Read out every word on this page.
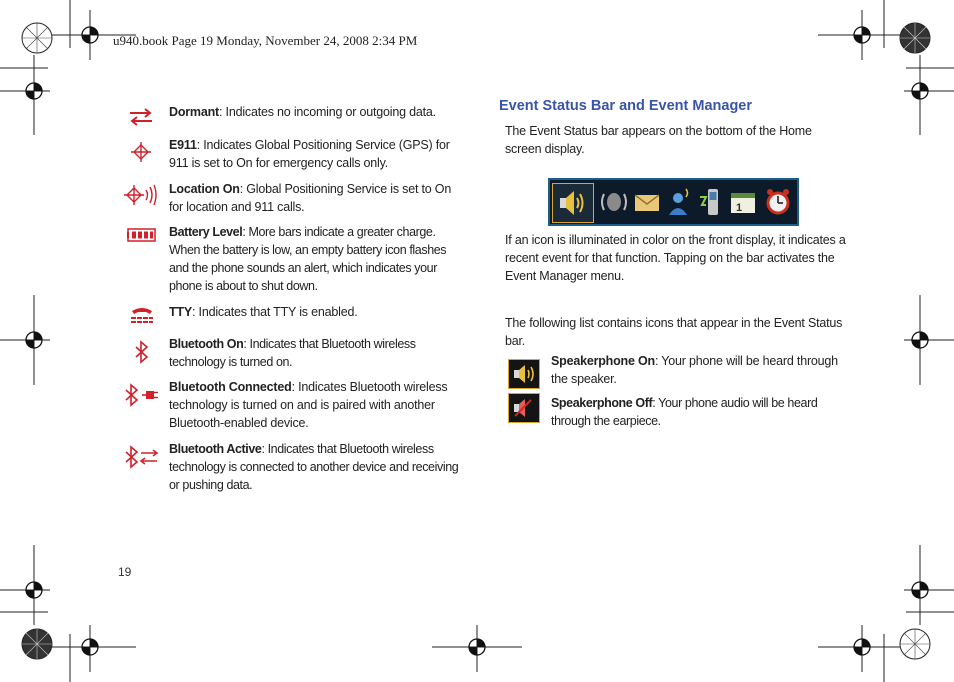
u940.book Page 19 Monday, November 24, 2008 2:34 PM
Dormant: Indicates no incoming or outgoing data.
E911: Indicates Global Positioning Service (GPS) for 911 is set to On for emergency calls only.
Location On: Global Positioning Service is set to On for location and 911 calls.
Battery Level: More bars indicate a greater charge. When the battery is low, an empty battery icon flashes and the phone sounds an alert, which indicates your phone is about to shut down.
TTY: Indicates that TTY is enabled.
Bluetooth On: Indicates that Bluetooth wireless technology is turned on.
Bluetooth Connected: Indicates Bluetooth wireless technology is turned on and is paired with another Bluetooth-enabled device.
Bluetooth Active: Indicates that Bluetooth wireless technology is connected to another device and receiving or pushing data.
Event Status Bar and Event Manager
The Event Status bar appears on the bottom of the Home screen display.
1
If an icon is illuminated in color on the front display, it indicates a recent event for that function. Tapping on the bar activates the Event Manager menu.
The following list contains icons that appear in the Event Status bar.
Speakerphone On: Your phone will be heard through the speaker.
Speakerphone Off: Your phone audio will be heard through the earpiece.
19
